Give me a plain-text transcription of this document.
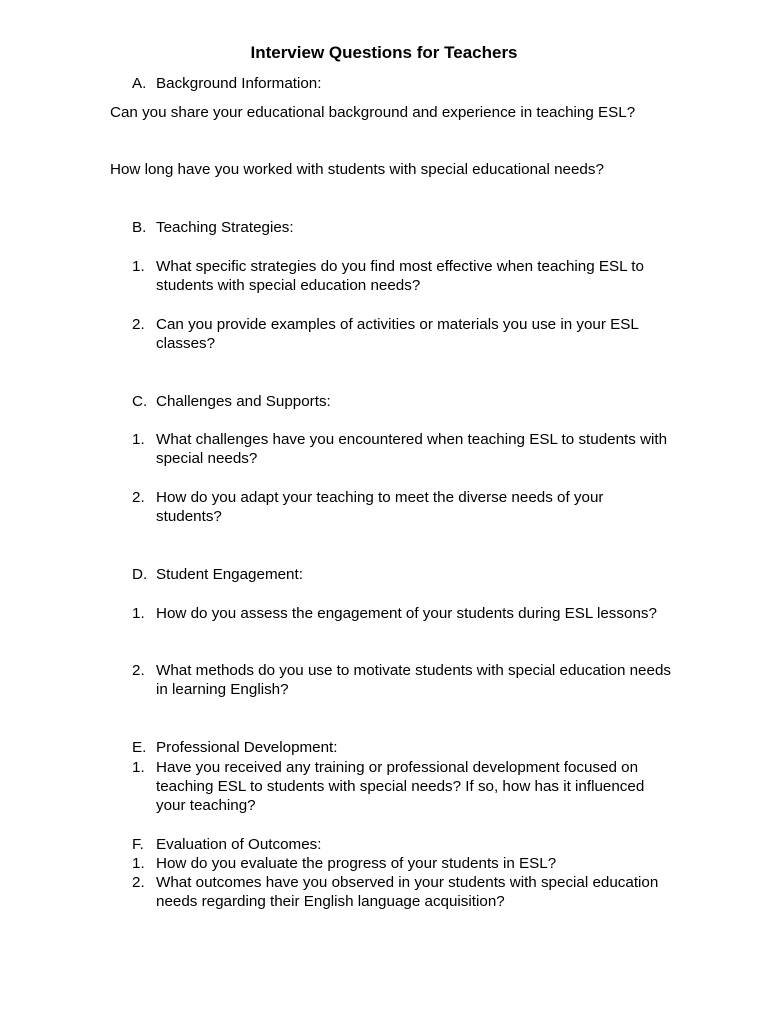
Interview Questions for Teachers
A. Background Information:
Can you share your educational background and experience in teaching ESL?
How long have you worked with students with special educational needs?
B. Teaching Strategies:
1. What specific strategies do you find most effective when teaching ESL to students with special education needs?
2. Can you provide examples of activities or materials you use in your ESL classes?
C. Challenges and Supports:
1. What challenges have you encountered when teaching ESL to students with special needs?
2. How do you adapt your teaching to meet the diverse needs of your students?
D. Student Engagement:
1. How do you assess the engagement of your students during ESL lessons?
2. What methods do you use to motivate students with special education needs in learning English?
E. Professional Development:
1. Have you received any training or professional development focused on teaching ESL to students with special needs? If so, how has it influenced your teaching?
F. Evaluation of Outcomes:
1. How do you evaluate the progress of your students in ESL?
2. What outcomes have you observed in your students with special education needs regarding their English language acquisition?
